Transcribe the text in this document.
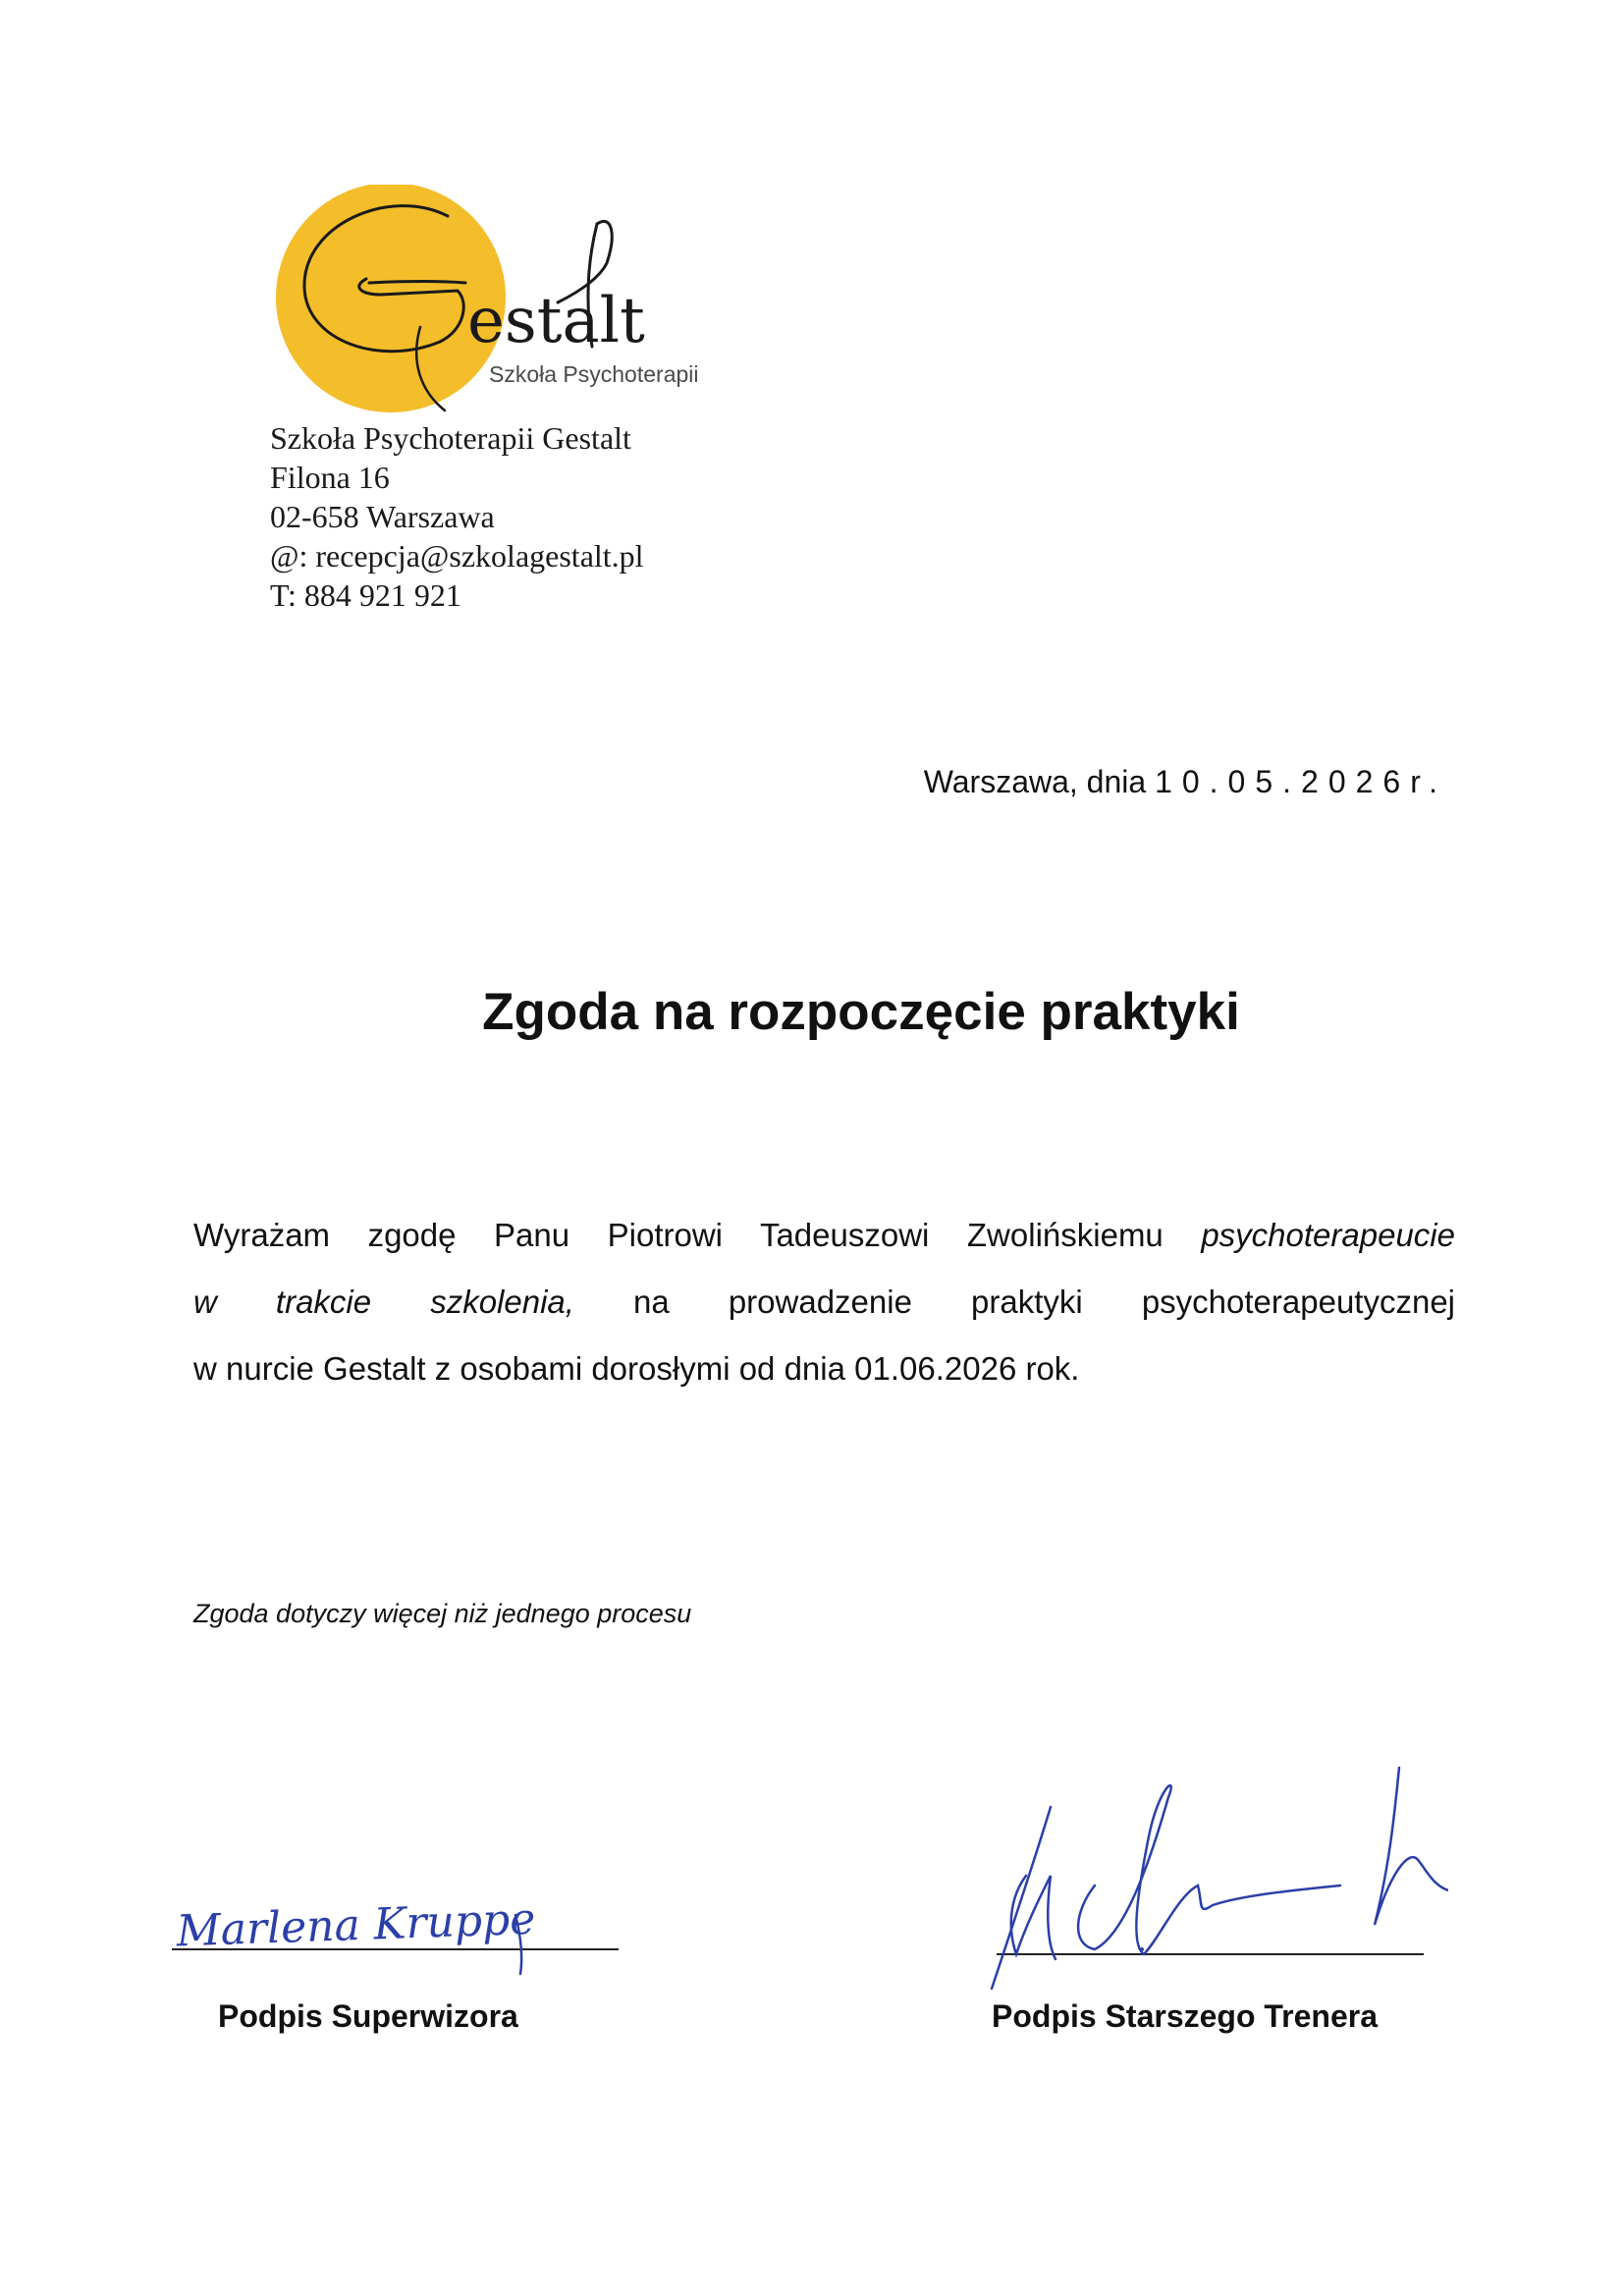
estalt
Szkoła Psychoterapii
Szkoła Psychoterapii Gestalt
Filona 16
02-658 Warszawa
@: recepcja@szkolagestalt.pl
T: 884 921 921
Warszawa, dnia 10.05.2026r.
Zgoda na rozpoczęcie praktyki
Wyrażam zgodę Panu Piotrowi Tadeuszowi Zwolińskiemu psychoterapeucie
w trakcie szkolenia, na prowadzenie praktyki psychoterapeutycznej
w nurcie Gestalt z osobami dorosłymi od dnia 01.06.2026 rok.
Zgoda dotyczy więcej niż jednego procesu
Marlena Kruppe
Podpis Superwizora	Podpis Starszego Trenera
